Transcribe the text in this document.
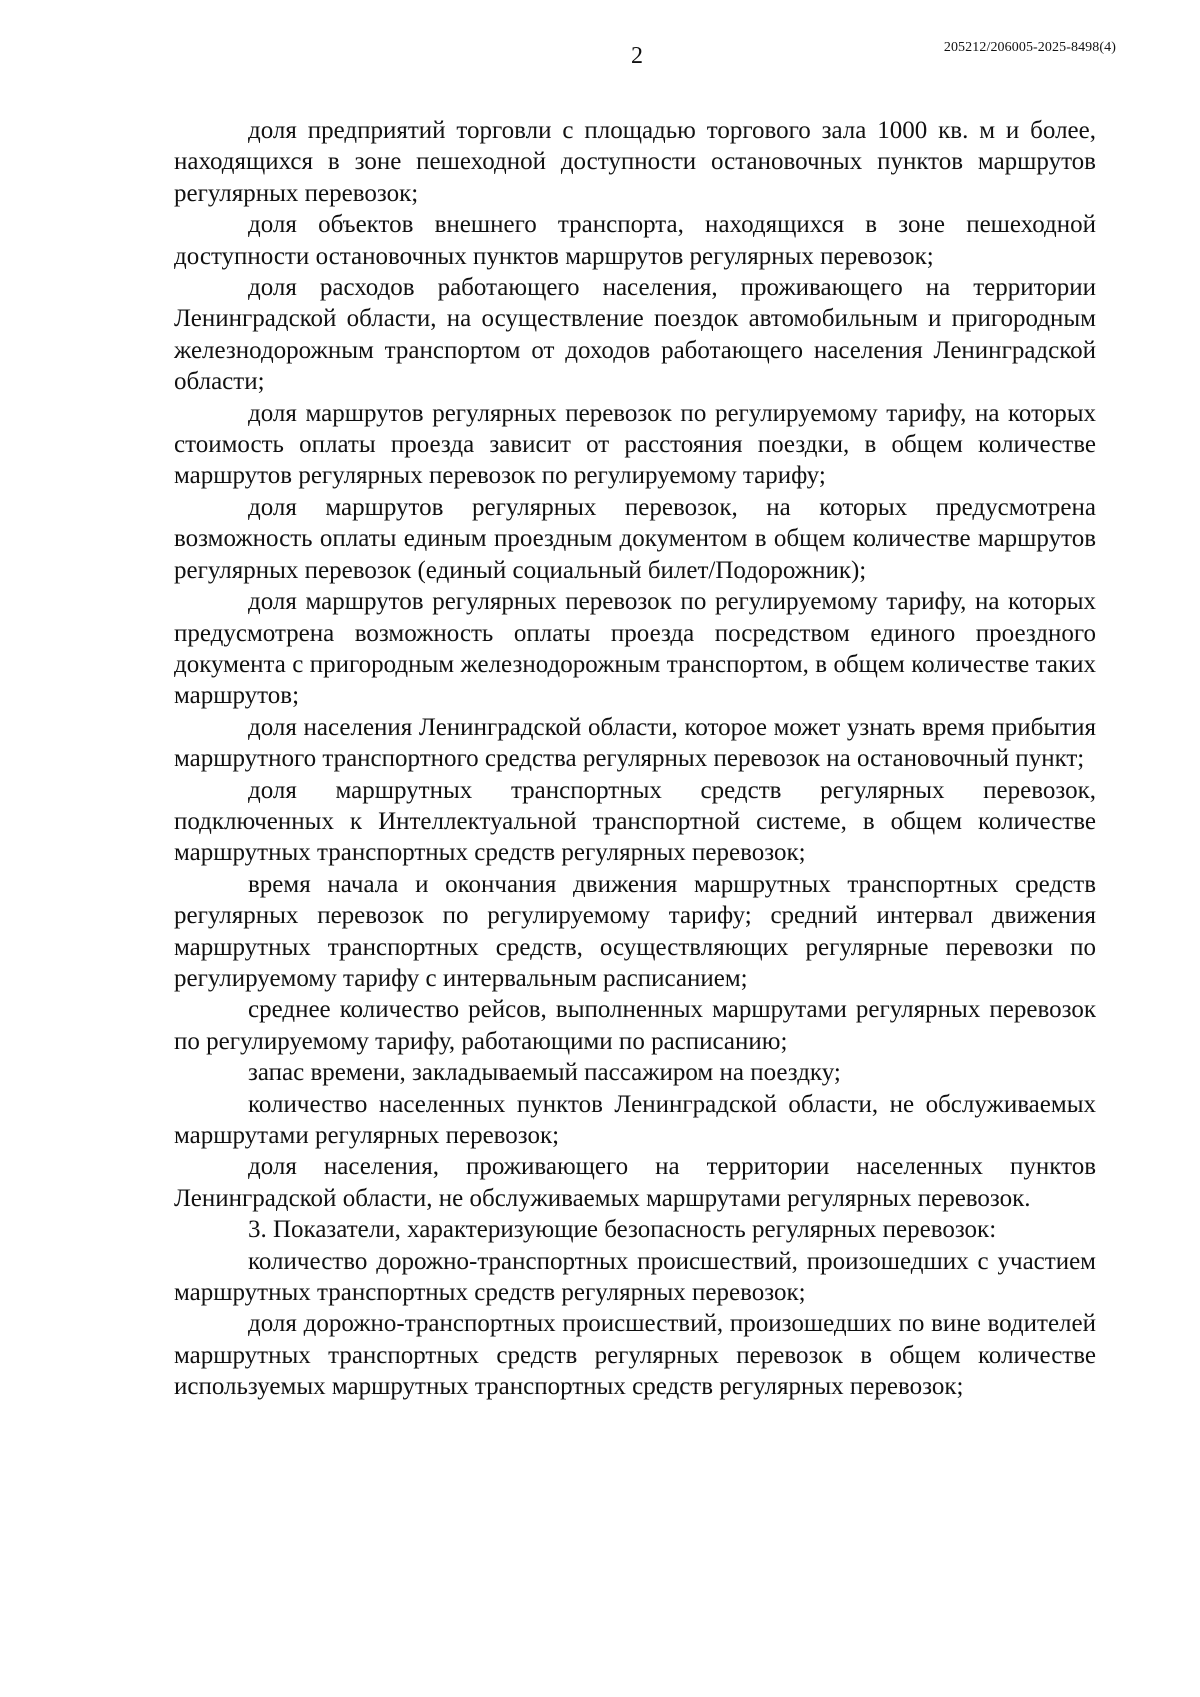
2	205212/206005-2025-8498(4)

доля предприятий торговли с площадью торгового зала 1000 кв. м и более, находящихся в зоне пешеходной доступности остановочных пунктов маршрутов регулярных перевозок;

доля объектов внешнего транспорта, находящихся в зоне пешеходной доступности остановочных пунктов маршрутов регулярных перевозок;

доля расходов работающего населения, проживающего на территории Ленинградской области, на осуществление поездок автомобильным и пригородным железнодорожным транспортом от доходов работающего населения Ленинградской области;

доля маршрутов регулярных перевозок по регулируемому тарифу, на которых стоимость оплаты проезда зависит от расстояния поездки, в общем количестве маршрутов регулярных перевозок по регулируемому тарифу;

доля маршрутов регулярных перевозок, на которых предусмотрена возможность оплаты единым проездным документом в общем количестве маршрутов регулярных перевозок (единый социальный билет/Подорожник);

доля маршрутов регулярных перевозок по регулируемому тарифу, на которых предусмотрена возможность оплаты проезда посредством единого проездного документа с пригородным железнодорожным транспортом, в общем количестве таких маршрутов;

доля населения Ленинградской области, которое может узнать время прибытия маршрутного транспортного средства регулярных перевозок на остановочный пункт;

доля маршрутных транспортных средств регулярных перевозок, подключенных к Интеллектуальной транспортной системе, в общем количестве маршрутных транспортных средств регулярных перевозок;

время начала и окончания движения маршрутных транспортных средств регулярных перевозок по регулируемому тарифу; средний интервал движения маршрутных транспортных средств, осуществляющих регулярные перевозки по регулируемому тарифу с интервальным расписанием;

среднее количество рейсов, выполненных маршрутами регулярных перевозок по регулируемому тарифу, работающими по расписанию;

запас времени, закладываемый пассажиром на поездку;

количество населенных пунктов Ленинградской области, не обслуживаемых маршрутами регулярных перевозок;

доля населения, проживающего на территории населенных пунктов Ленинградской области, не обслуживаемых маршрутами регулярных перевозок.

3. Показатели, характеризующие безопасность регулярных перевозок:

количество дорожно-транспортных происшествий, произошедших с участием маршрутных транспортных средств регулярных перевозок;

доля дорожно-транспортных происшествий, произошедших по вине водителей маршрутных транспортных средств регулярных перевозок в общем количестве используемых маршрутных транспортных средств регулярных перевозок;
